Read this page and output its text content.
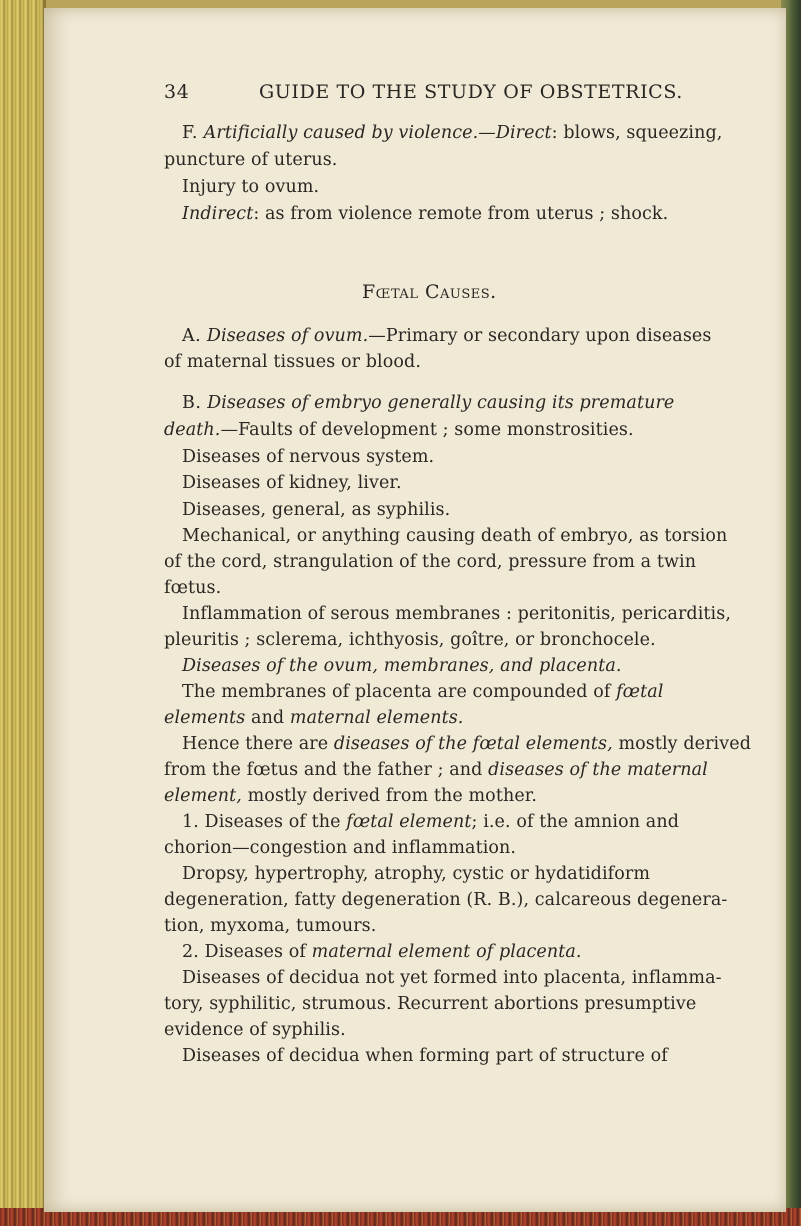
34	GUIDE TO THE STUDY OF OBSTETRICS.
F. Artificially caused by violence.—Direct: blows, squeezing,
puncture of uterus.
Injury to ovum.
Indirect: as from violence remote from uterus ; shock.
Fœtal Causes.
A. Diseases of ovum.—Primary or secondary upon diseases
of maternal tissues or blood.
B. Diseases of embryo generally causing its premature
death.—Faults of development ; some monstrosities.
Diseases of nervous system.
Diseases of kidney, liver.
Diseases, general, as syphilis.
Mechanical, or anything causing death of embryo, as torsion
of the cord, strangulation of the cord, pressure from a twin
fœtus.
Inflammation of serous membranes : peritonitis, pericarditis,
pleuritis ; sclerema, ichthyosis, goître, or bronchocele.
Diseases of the ovum, membranes, and placenta.
The membranes of placenta are compounded of fœtal
elements and maternal elements.
Hence there are diseases of the fœtal elements, mostly derived
from the fœtus and the father ; and diseases of the maternal
element, mostly derived from the mother.
1. Diseases of the fœtal element; i.e. of the amnion and
chorion—congestion and inflammation.
Dropsy, hypertrophy, atrophy, cystic or hydatidiform
degeneration, fatty degeneration (R. B.), calcareous degenera-
tion, myxoma, tumours.
2. Diseases of maternal element of placenta.
Diseases of decidua not yet formed into placenta, inflamma-
tory, syphilitic, strumous. Recurrent abortions presumptive
evidence of syphilis.
Diseases of decidua when forming part of structure of
